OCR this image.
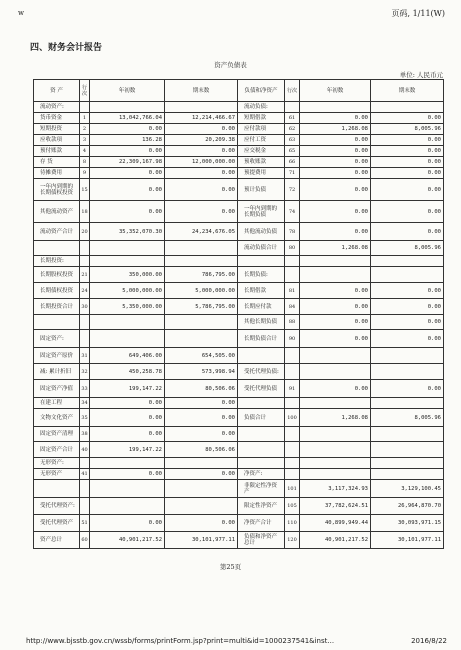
w	页码, 1/11(W)
四、财务会计报告
资产负债表
单位: 人民币元
资 产	行次	年初数	期末数	负债和净资产	行次	年初数	期末数
流动资产:				流动负债:			
货币资金	1	13,042,766.04	12,214,466.67	短期借款	61	0.00	0.00
短期投资	2	0.00	0.00	应付款项	62	1,268.08	8,005.96
应收款项	3	136.28	20,209.38	应付工资	63	0.00	0.00
预付账款	4	0.00	0.00	应交税金	65	0.00	0.00
存 货	8	22,309,167.98	12,000,000.00	预收账款	66	0.00	0.00
待摊费用	9	0.00	0.00	预提费用	71	0.00	0.00
一年内到期的长期债权投资	15	0.00	0.00	预计负债	72	0.00	0.00
其他流动资产	18	0.00	0.00	一年内到期的长期负债	74	0.00	0.00
流动资产合计	20	35,352,070.30	24,234,676.05	其他流动负债	78	0.00	0.00
				流动负债合计	80	1,268.08	8,005.96
长期投资:							
长期股权投资	21	350,000.00	786,795.00	长期负债:			
长期债权投资	24	5,000,000.00	5,000,000.00	长期借款	81	0.00	0.00
长期投资合计	30	5,350,000.00	5,786,795.00	长期应付款	84	0.00	0.00
				其他长期负债	88	0.00	0.00
固定资产:				长期负债合计	90	0.00	0.00
固定资产原价	31	649,406.00	654,505.00				
减: 累计折旧	32	450,258.78	573,998.94	受托代理负债:			
固定资产净值	33	199,147.22	80,506.06	受托代理负债	91	0.00	0.00
在建工程	34	0.00	0.00				
文物文化资产	35	0.00	0.00	负债合计	100	1,268.08	8,005.96
固定资产清理	38	0.00	0.00				
固定资产合计	40	199,147.22	80,506.06				
无形资产:							
无形资产	41	0.00	0.00	净资产:			
				非限定性净资产	101	3,117,324.93	3,129,100.45
受托代理资产:				限定性净资产	105	37,782,624.51	26,964,870.70
受托代理资产	51	0.00	0.00	净资产合计	110	40,899,949.44	30,093,971.15
资产总计	60	40,901,217.52	30,101,977.11	负债和净资产总计	120	40,901,217.52	30,101,977.11
第25页
http://www.bjsstb.gov.cn/wssb/forms/printForm.jsp?print=multi&id=1000237541&inst...	2016/8/22
